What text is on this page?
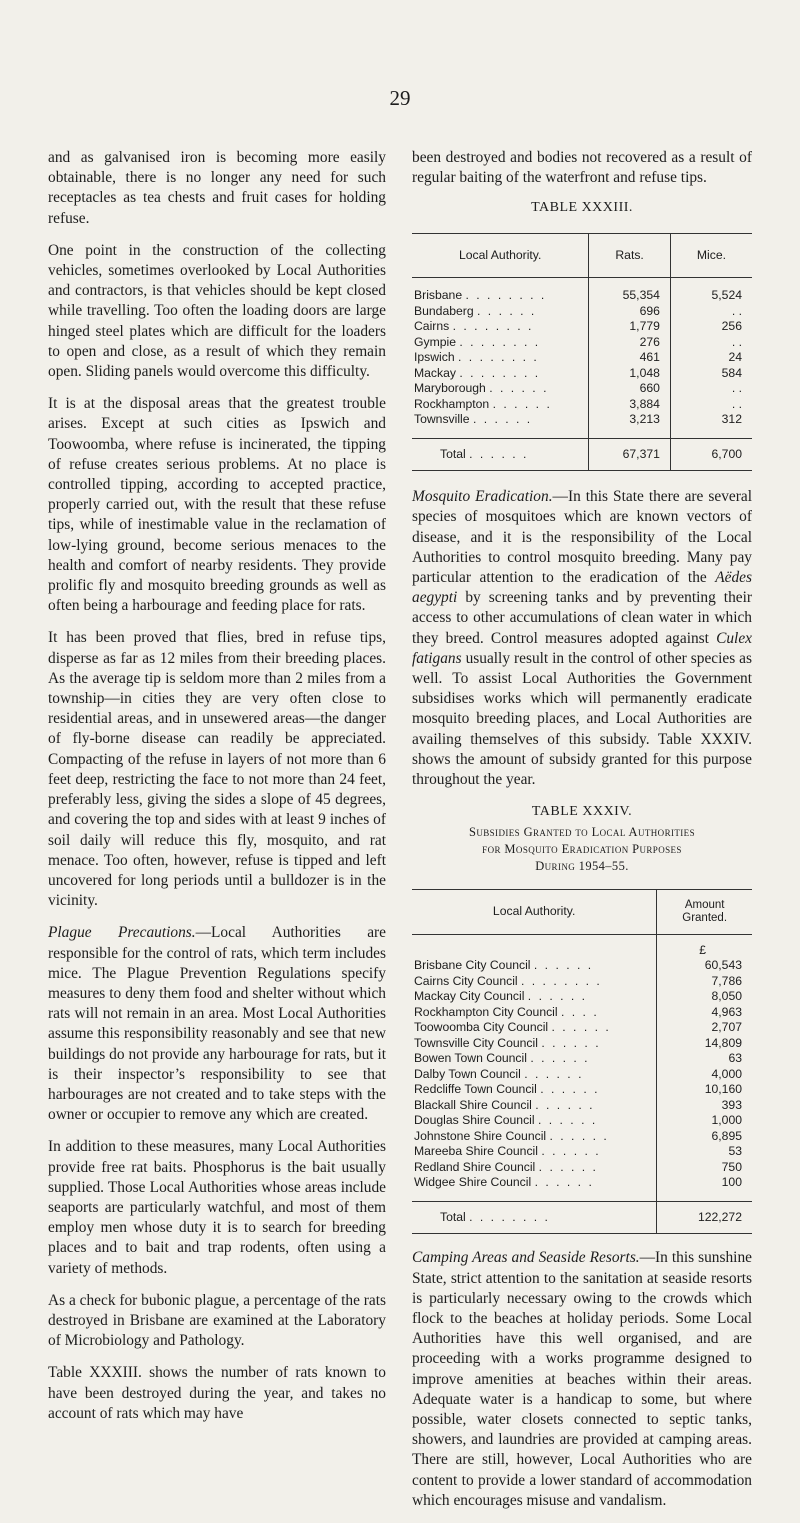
29

and as galvanised iron is becoming more easily obtainable, there is no longer any need for such receptacles as tea chests and fruit cases for holding refuse.

One point in the construction of the collecting vehicles, sometimes overlooked by Local Authorities and contractors, is that vehicles should be kept closed while travelling. Too often the loading doors are large hinged steel plates which are difficult for the loaders to open and close, as a result of which they remain open. Sliding panels would overcome this difficulty.

It is at the disposal areas that the greatest trouble arises. Except at such cities as Ipswich and Toowoomba, where refuse is incinerated, the tipping of refuse creates serious problems. At no place is controlled tipping, according to accepted practice, properly carried out, with the result that these refuse tips, while of inestimable value in the reclamation of low-lying ground, become serious menaces to the health and comfort of nearby residents. They provide prolific fly and mosquito breeding grounds as well as often being a harbourage and feeding place for rats.

It has been proved that flies, bred in refuse tips, disperse as far as 12 miles from their breeding places. As the average tip is seldom more than 2 miles from a township—in cities they are very often close to residential areas, and in unsewered areas—the danger of fly-borne disease can readily be appreciated. Compacting of the refuse in layers of not more than 6 feet deep, restricting the face to not more than 24 feet, preferably less, giving the sides a slope of 45 degrees, and covering the top and sides with at least 9 inches of soil daily will reduce this fly, mosquito, and rat menace. Too often, however, refuse is tipped and left uncovered for long periods until a bulldozer is in the vicinity.

Plague Precautions.—Local Authorities are responsible for the control of rats, which term includes mice. The Plague Prevention Regulations specify measures to deny them food and shelter without which rats will not remain in an area. Most Local Authorities assume this responsibility reasonably and see that new buildings do not provide any harbourage for rats, but it is their inspector’s responsibility to see that harbourages are not created and to take steps with the owner or occupier to remove any which are created.

In addition to these measures, many Local Authorities provide free rat baits. Phosphorus is the bait usually supplied. Those Local Authorities whose areas include seaports are particularly watchful, and most of them employ men whose duty it is to search for breeding places and to bait and trap rodents, often using a variety of methods.

As a check for bubonic plague, a percentage of the rats destroyed in Brisbane are examined at the Laboratory of Microbiology and Pathology.

Table XXXIII. shows the number of rats known to have been destroyed during the year, and takes no account of rats which may have

been destroyed and bodies not recovered as a result of regular baiting of the waterfront and refuse tips.

TABLE XXXIII.
Local Authority.	Rats.	Mice.
Brisbane . . . . . . . .	55,354	5,524
Bundaberg . . . . . .	696	. .
Cairns . . . . . . . .	1,779	256
Gympie . . . . . . . .	276	. .
Ipswich . . . . . . . .	461	24
Mackay . . . . . . . .	1,048	584
Maryborough . . . . . .	660	. .
Rockhampton . . . . . .	3,884	. .
Townsville . . . . . .	3,213	312
Total . . . . . .	67,371	6,700

Mosquito Eradication.—In this State there are several species of mosquitoes which are known vectors of disease, and it is the responsibility of the Local Authorities to control mosquito breeding. Many pay particular attention to the eradication of the Aëdes aegypti by screening tanks and by preventing their access to other accumulations of clean water in which they breed. Control measures adopted against Culex fatigans usually result in the control of other species as well. To assist Local Authorities the Government subsidises works which will permanently eradicate mosquito breeding places, and Local Authorities are availing themselves of this subsidy. Table XXXIV. shows the amount of subsidy granted for this purpose throughout the year.

TABLE XXXIV.
Subsidies Granted to Local Authorities
for Mosquito Eradication Purposes
During 1954–55.
Local Authority.	Amount Granted.
	£
Brisbane City Council . . . . . .	60,543
Cairns City Council . . . . . . . .	7,786
Mackay City Council . . . . . .	8,050
Rockhampton City Council . . . .	4,963
Toowoomba City Council . . . . . .	2,707
Townsville City Council . . . . . .	14,809
Bowen Town Council . . . . . .	63
Dalby Town Council . . . . . .	4,000
Redcliffe Town Council . . . . . .	10,160
Blackall Shire Council . . . . . .	393
Douglas Shire Council . . . . . .	1,000
Johnstone Shire Council . . . . . .	6,895
Mareeba Shire Council . . . . . .	53
Redland Shire Council . . . . . .	750
Widgee Shire Council . . . . . .	100
Total . . . . . . . .	122,272

Camping Areas and Seaside Resorts.—In this sunshine State, strict attention to the sanitation at seaside resorts is particularly necessary owing to the crowds which flock to the beaches at holiday periods. Some Local Authorities have this well organised, and are proceeding with a works programme designed to improve amenities at beaches within their areas. Adequate water is a handicap to some, but where possible, water closets connected to septic tanks, showers, and laundries are provided at camping areas. There are still, however, Local Authorities who are content to provide a lower standard of accommodation which encourages misuse and vandalism.
